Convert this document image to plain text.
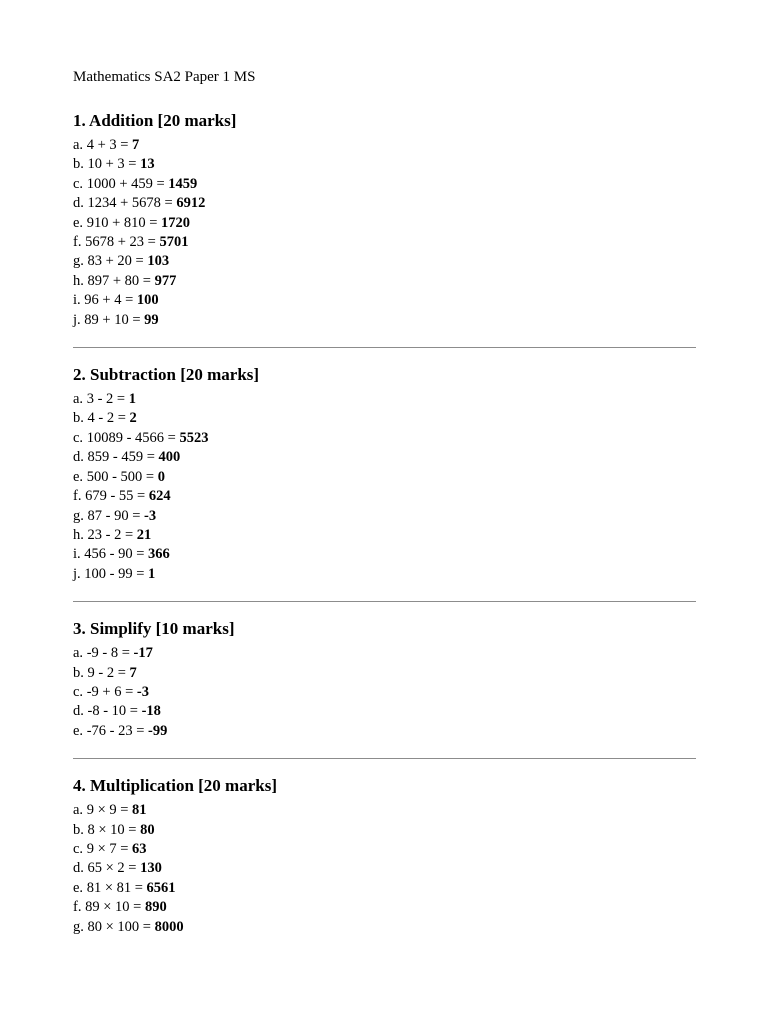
Mathematics SA2 Paper 1 MS
1. Addition [20 marks]
a. 4 + 3 = 7
b. 10 + 3 = 13
c. 1000 + 459 = 1459
d. 1234 + 5678 = 6912
e. 910 + 810 = 1720
f. 5678 + 23 = 5701
g. 83 + 20 = 103
h. 897 + 80 = 977
i. 96 + 4 = 100
j. 89 + 10 = 99
2. Subtraction [20 marks]
a. 3 - 2 = 1
b. 4 - 2 = 2
c. 10089 - 4566 = 5523
d. 859 - 459 = 400
e. 500 - 500 = 0
f. 679 - 55 = 624
g. 87 - 90 = -3
h. 23 - 2 = 21
i. 456 - 90 = 366
j. 100 - 99 = 1
3. Simplify [10 marks]
a. -9 - 8 = -17
b. 9 - 2 = 7
c. -9 + 6 = -3
d. -8 - 10 = -18
e. -76 - 23 = -99
4. Multiplication [20 marks]
a. 9 × 9 = 81
b. 8 × 10 = 80
c. 9 × 7 = 63
d. 65 × 2 = 130
e. 81 × 81 = 6561
f. 89 × 10 = 890
g. 80 × 100 = 8000
